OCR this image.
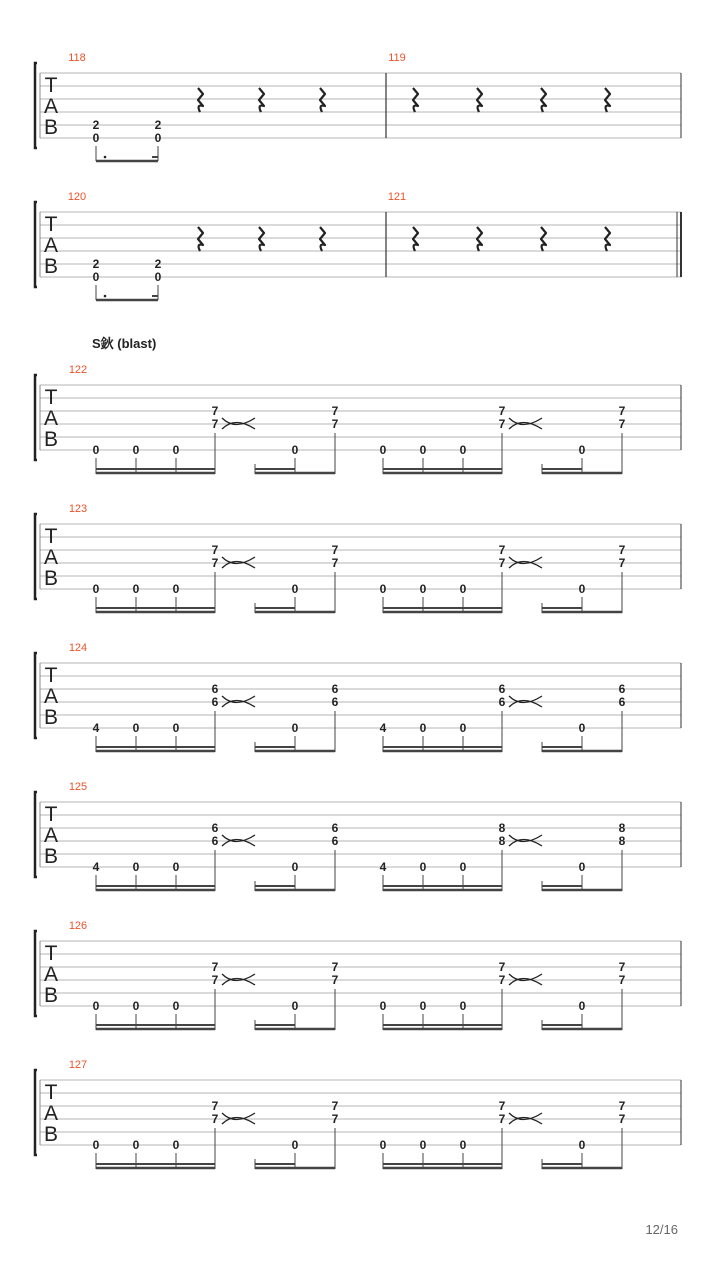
T
A
B
118	119
2
0
2
0
T
A
B
120	121
2
0
2
0
T
A
B
122
0	0	0
7
7
0
7
7
0	0	0
7
7
0
7
7
T
A
B
123
0	0	0
7
7
0
7
7
0	0	0
7
7
0
7
7
T
A
B
124
4	0	0
6
6
0
6
6
4	0	0
6
6
0
6
6
T
A
B
125
4	0	0
6
6
0
6
6
4	0	0
8
8
0
8
8
T
A
B
126
0	0	0
7
7
0
7
7
0	0	0
7
7
0
7
7
T
A
B
127
0	0	0
7
7
0
7
7
0	0	0
7
7
0
7
7
S鈥 (blast)
12/16
